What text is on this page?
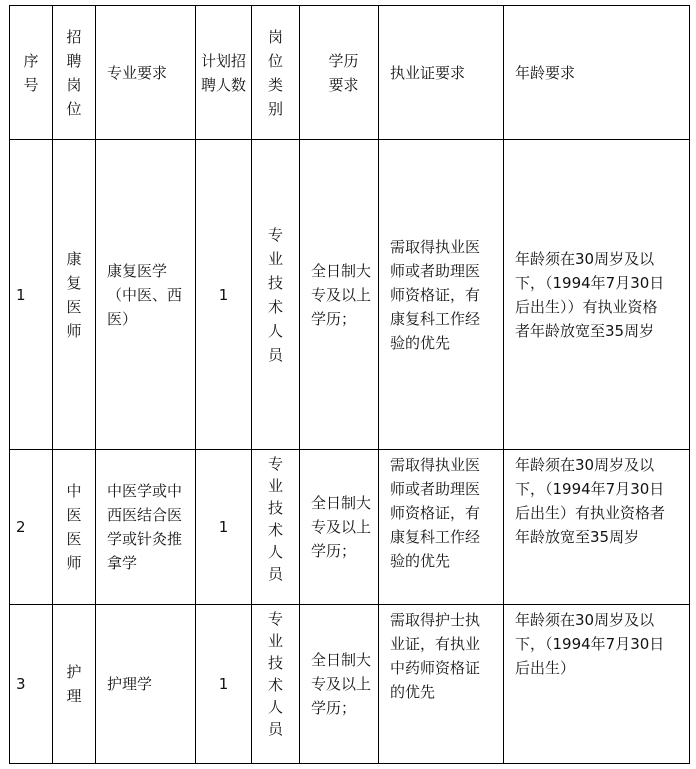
序号	招聘岗位	专业要求	计划招聘人数	岗位类别	学历要求	执业证要求	年龄要求

1	康复医师	康复医学（中医、西医）	1	专业技术人员	全日制大专及以上学历；	需取得执业医师或者助理医师资格证，有康复科工作经验的优先	年龄须在30周岁及以下，（1994年7月30日后出生））有执业资格者年龄放宽至35周岁

2	中医医师	中医学或中西医结合医学或针灸推拿学	1	专业技术人员	全日制大专及以上学历；	需取得执业医师或者助理医师资格证，有康复科工作经验的优先	年龄须在30周岁及以下，（1994年7月30日后出生）有执业资格者年龄放宽至35周岁

3	护理	护理学	1	专业技术人员	全日制大专及以上学历；	需取得护士执业证，有执业中药师资格证的优先	年龄须在30周岁及以下，（1994年7月30日后出生）
